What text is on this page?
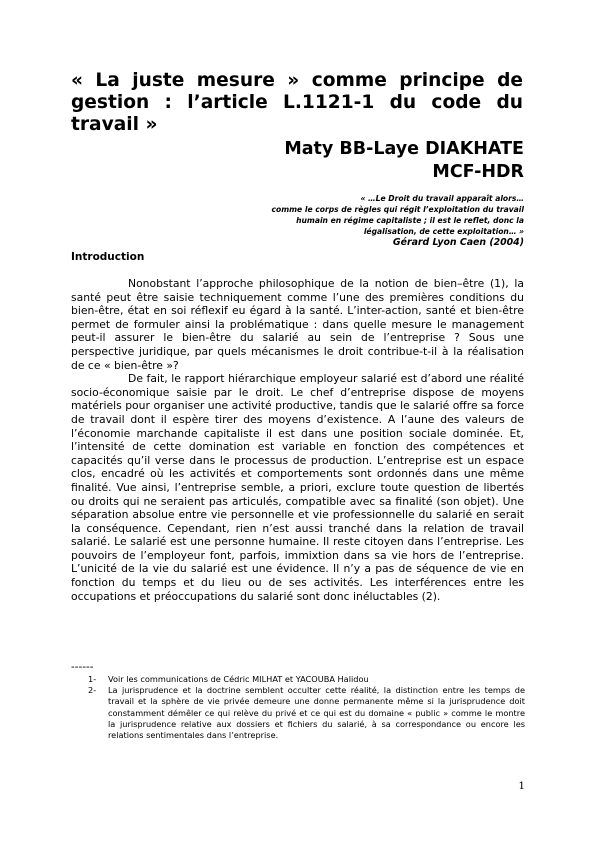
« La juste mesure » comme principe de gestion : l’article L.1121-1 du code du travail »
Maty BB-Laye DIAKHATE
MCF-HDR
« …Le Droit du travail apparaît alors…
comme le corps de règles qui régit l’exploitation du travail
humain en régime capitaliste ; il est le reflet, donc la
légalisation, de cette exploitation… »
Gérard Lyon Caen (2004)
Introduction

Nonobstant l’approche philosophique de la notion de bien–être (1), la santé peut être saisie techniquement comme l’une des premières conditions du bien-être, état en soi réflexif eu égard à la santé. L’inter-action, santé et bien-être permet de formuler ainsi la problématique : dans quelle mesure le management peut-il assurer le bien-être du salarié au sein de l’entreprise ? Sous une perspective juridique, par quels mécanismes le droit contribue-t-il à la réalisation de ce « bien-être »?

De fait, le rapport hiérarchique employeur salarié est d’abord une réalité socio-économique saisie par le droit. Le chef d’entreprise dispose de moyens matériels pour organiser une activité productive, tandis que le salarié offre sa force de travail dont il espère tirer des moyens d’existence. A l’aune des valeurs de l’économie marchande capitaliste il est dans une position sociale dominée. Et, l’intensité de cette domination est variable en fonction des compétences et capacités qu’il verse dans le processus de production. L’entreprise est un espace clos, encadré où les activités et comportements sont ordonnés dans une même finalité. Vue ainsi, l’entreprise semble, a priori, exclure toute question de libertés ou droits qui ne seraient pas articulés, compatible avec sa finalité (son objet). Une séparation absolue entre vie personnelle et vie professionnelle du salarié en serait la conséquence. Cependant, rien n’est aussi tranché dans la relation de travail salarié. Le salarié est une personne humaine. Il reste citoyen dans l’entreprise. Les pouvoirs de l’employeur font, parfois, immixtion dans sa vie hors de l’entreprise. L’unicité de la vie du salarié est une évidence. Il n’y a pas de séquence de vie en fonction du temps et du lieu ou de ses activités. Les interférences entre les occupations et préoccupations du salarié sont donc inéluctables (2).

------
1- Voir les communications de Cédric MILHAT et YACOUBA Halidou
2- La jurisprudence et la doctrine semblent occulter cette réalité, la distinction entre les temps de travail et la sphère de vie privée demeure une donne permanente même si la jurisprudence doit constamment démêler ce qui relève du privé et ce qui est du domaine « public » comme le montre la jurisprudence relative aux dossiers et fichiers du salarié, à sa correspondance ou encore les relations sentimentales dans l’entreprise.
1
